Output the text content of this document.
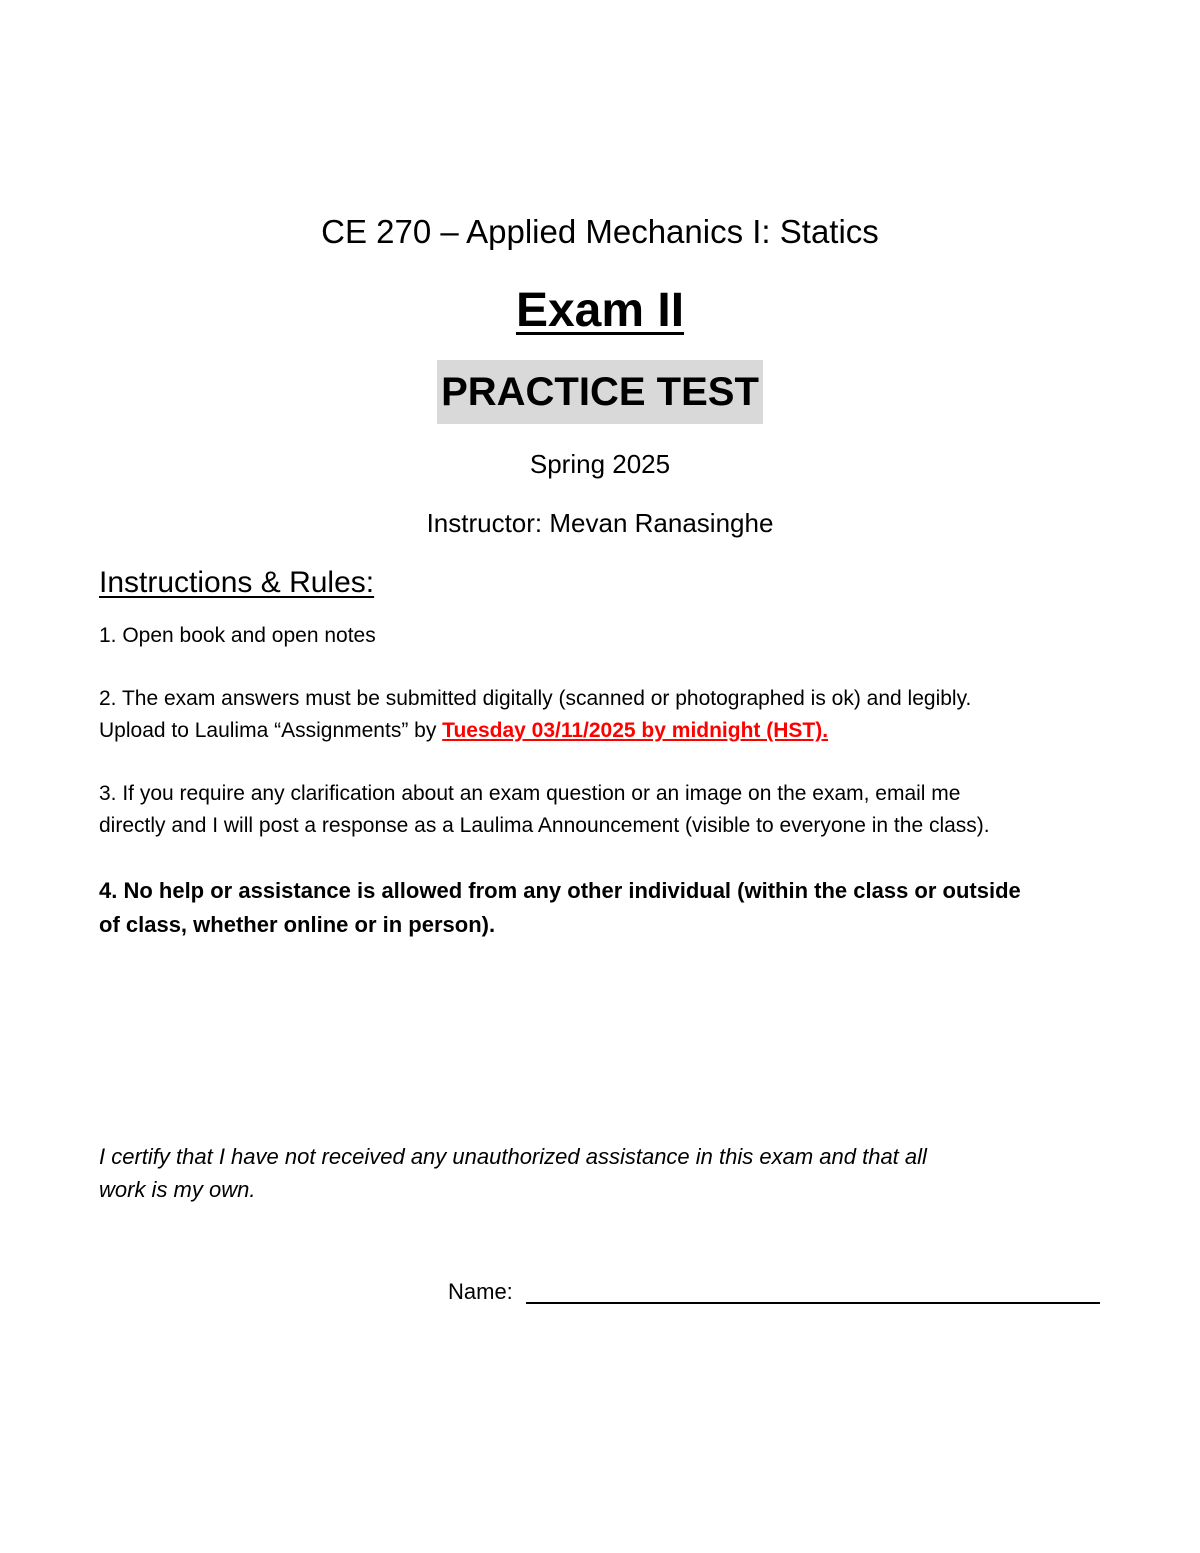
CE 270 – Applied Mechanics I: Statics
Exam II
PRACTICE TEST
Spring 2025
Instructor: Mevan Ranasinghe
Instructions & Rules:
1. Open book and open notes
2. The exam answers must be submitted digitally (scanned or photographed is ok) and legibly.
Upload to Laulima “Assignments” by Tuesday 03/11/2025 by midnight (HST).
3. If you require any clarification about an exam question or an image on the exam, email me
directly and I will post a response as a Laulima Announcement (visible to everyone in the class).
4. No help or assistance is allowed from any other individual (within the class or outside
of class, whether online or in person).
I certify that I have not received any unauthorized assistance in this exam and that all
work is my own.
Name:
